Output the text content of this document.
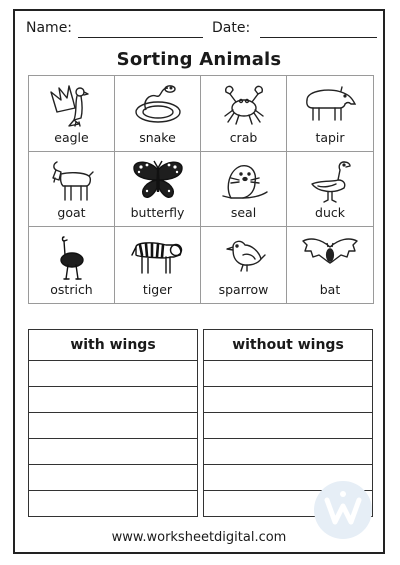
Name:	Date:
Sorting Animals
eagle	snake	crab	tapir
goat	butterfly	seal	duck
ostrich	tiger	sparrow	bat
with wings	without wings
www.worksheetdigital.com
